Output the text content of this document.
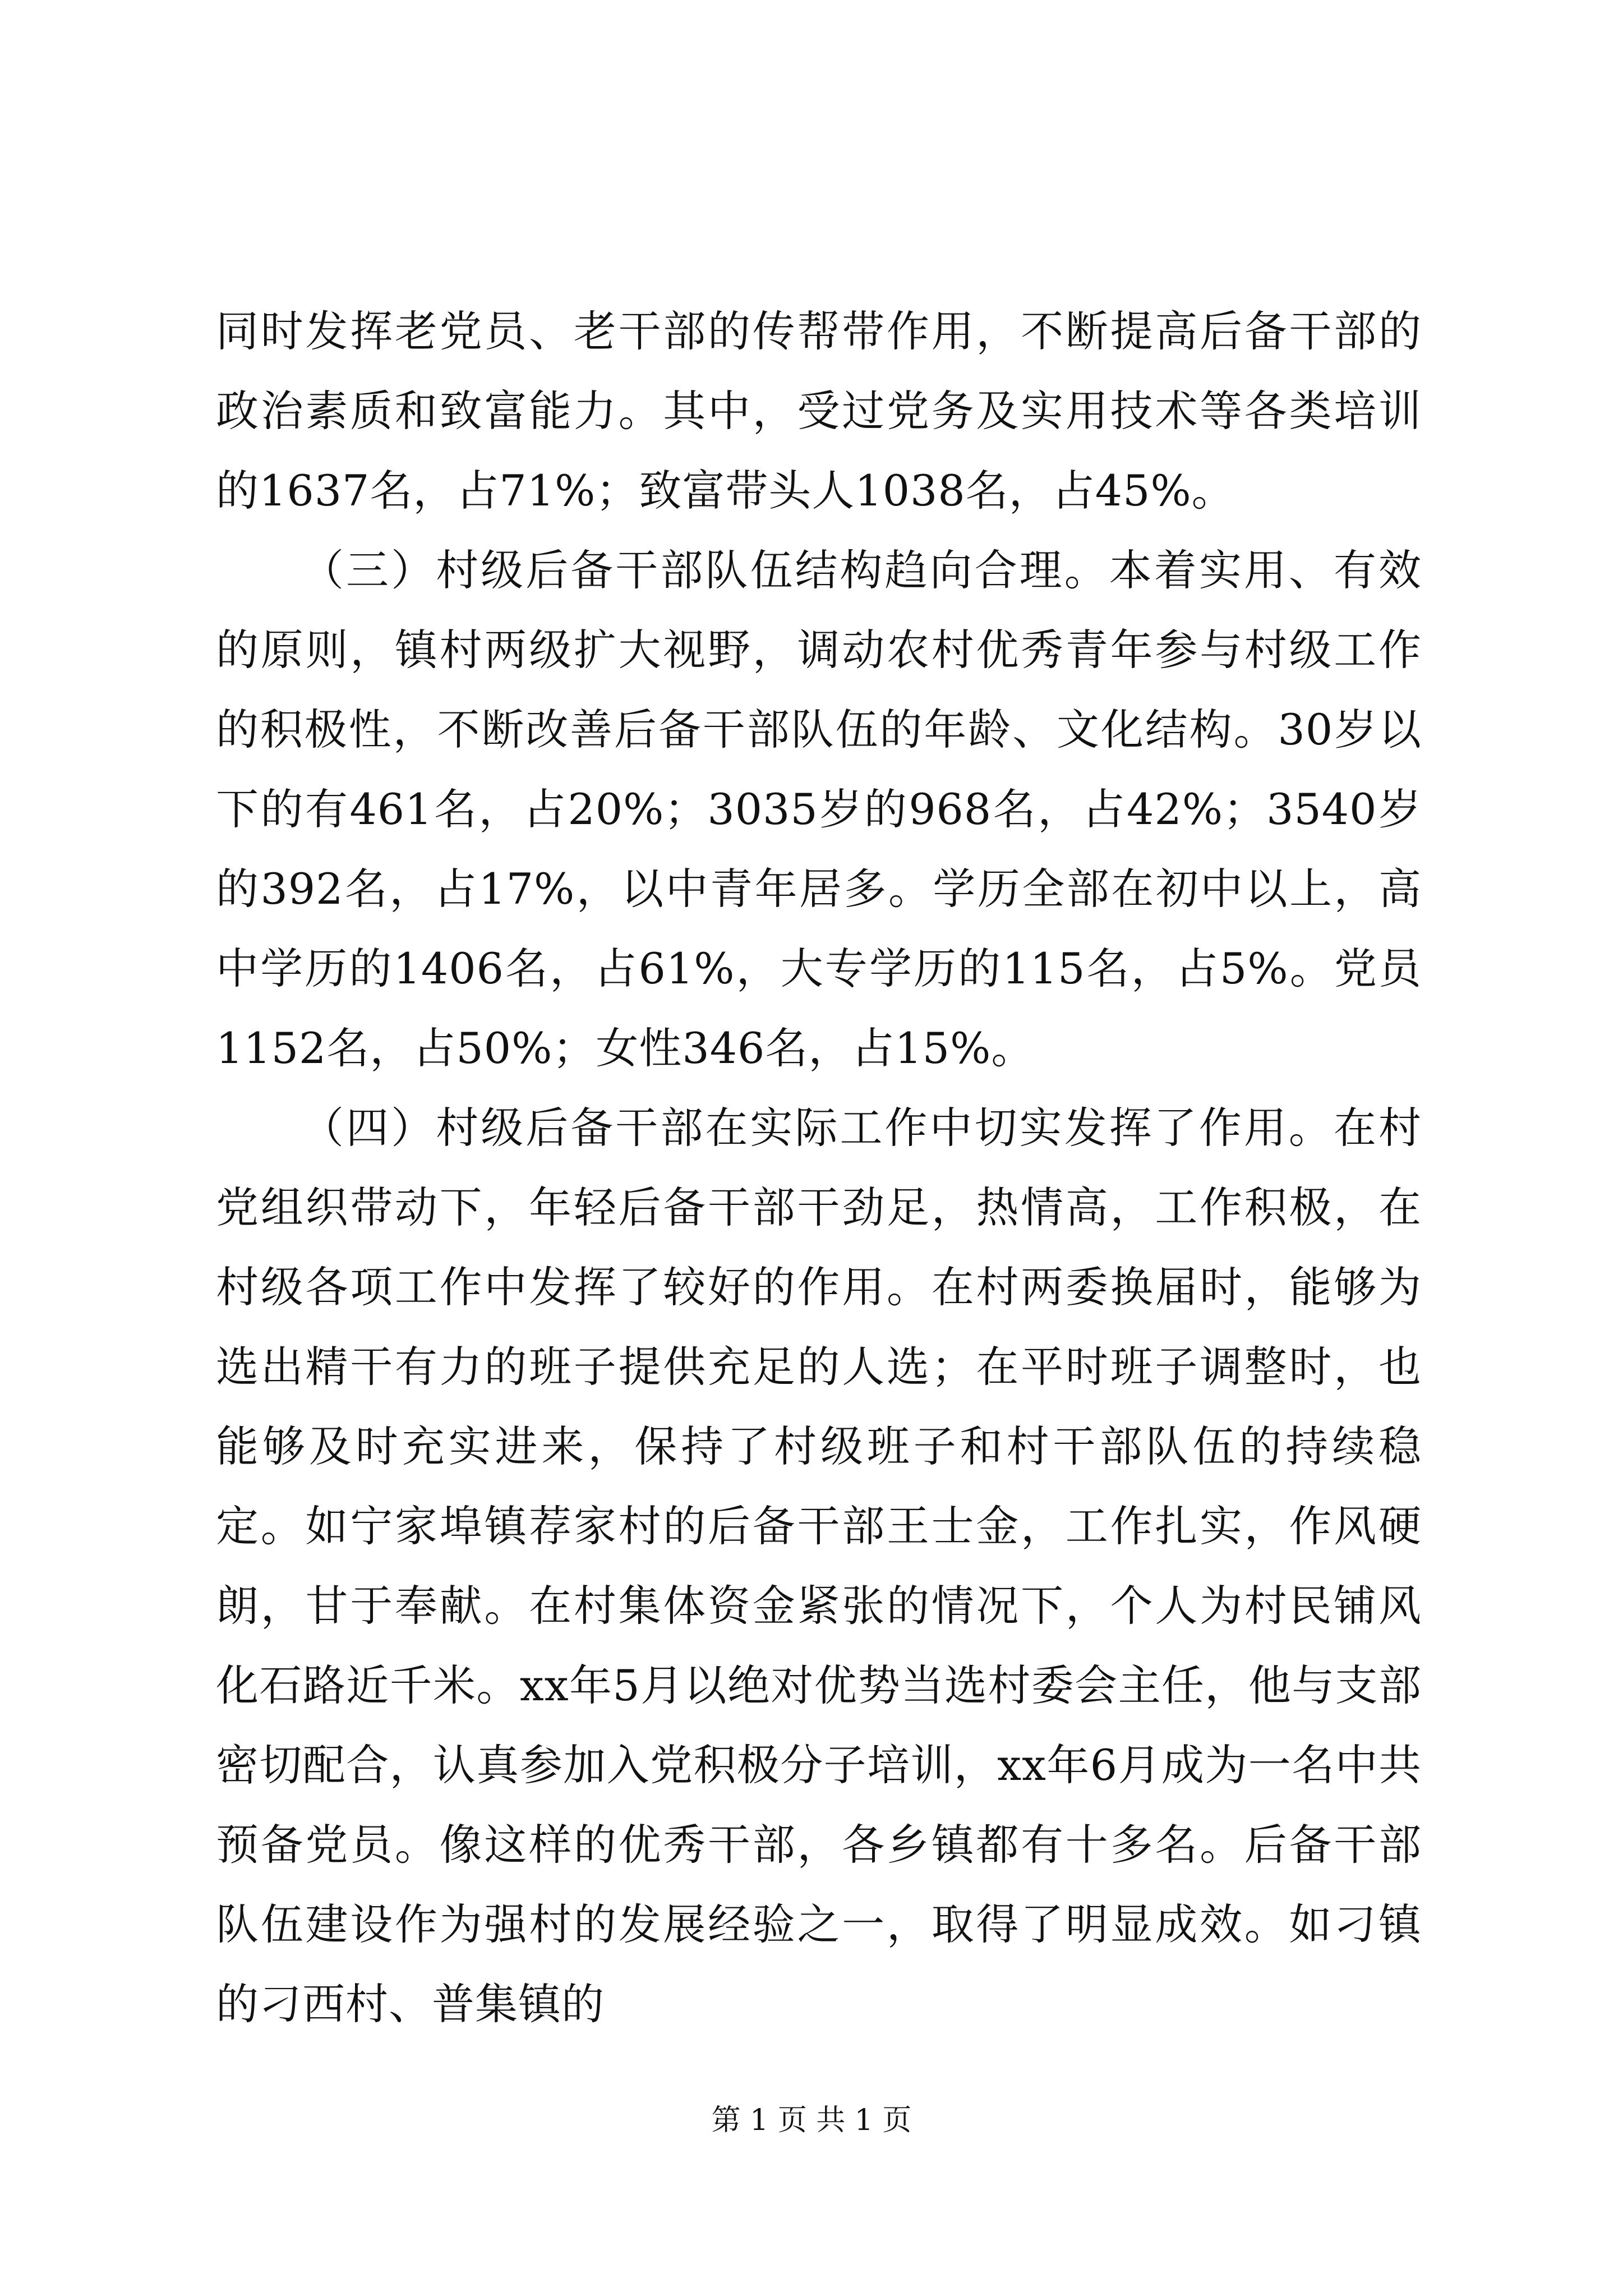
同时发挥老党员、老干部的传帮带作用，不断提高后备干部的政治素质和致富能力。其中，受过党务及实用技术等各类培训的1637名，占71%；致富带头人1038名，占45%。

（三）村级后备干部队伍结构趋向合理。本着实用、有效的原则，镇村两级扩大视野，调动农村优秀青年参与村级工作的积极性，不断改善后备干部队伍的年龄、文化结构。30岁以下的有461名，占20%；3035岁的968名，占42%；3540岁的392名，占17%，以中青年居多。学历全部在初中以上，高中学历的1406名，占61%，大专学历的115名，占5%。党员1152名，占50%；女性346名，占15%。

（四）村级后备干部在实际工作中切实发挥了作用。在村党组织带动下，年轻后备干部干劲足，热情高，工作积极，在村级各项工作中发挥了较好的作用。在村两委换届时，能够为选出精干有力的班子提供充足的人选；在平时班子调整时，也能够及时充实进来，保持了村级班子和村干部队伍的持续稳定。如宁家埠镇荐家村的后备干部王士金，工作扎实，作风硬朗，甘于奉献。在村集体资金紧张的情况下，个人为村民铺风化石路近千米。xx年5月以绝对优势当选村委会主任，他与支部密切配合，认真参加入党积极分子培训，xx年6月成为一名中共预备党员。像这样的优秀干部，各乡镇都有十多名。后备干部队伍建设作为强村的发展经验之一，取得了明显成效。如刁镇的刁西村、普集镇的

第 1 页 共 1 页
